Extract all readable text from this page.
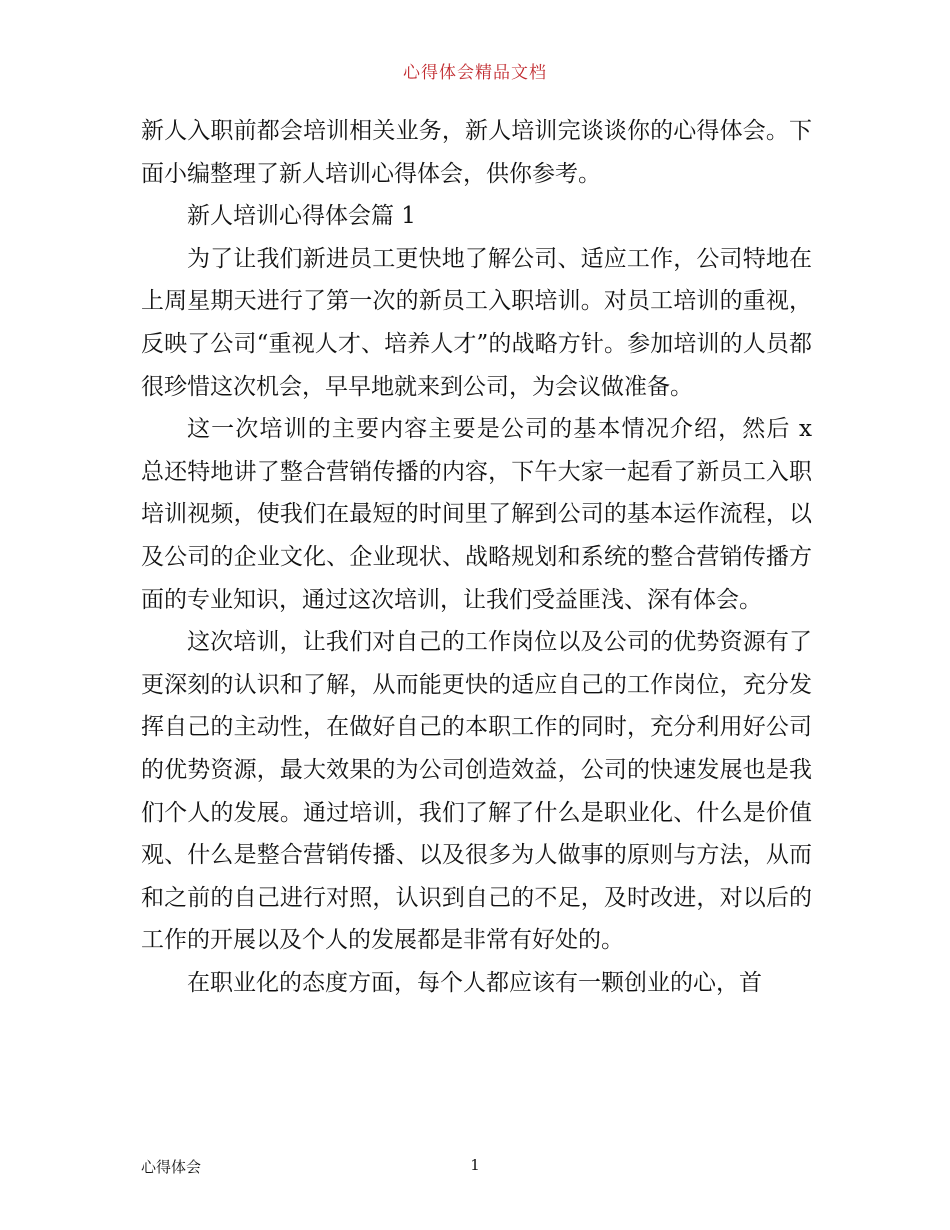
心得体会精品文档

新人入职前都会培训相关业务，新人培训完谈谈你的心得体会。下面小编整理了新人培训心得体会，供你参考。

新人培训心得体会篇 1

为了让我们新进员工更快地了解公司、适应工作，公司特地在上周星期天进行了第一次的新员工入职培训。对员工培训的重视，反映了公司“重视人才、培养人才”的战略方针。参加培训的人员都很珍惜这次机会，早早地就来到公司，为会议做准备。

这一次培训的主要内容主要是公司的基本情况介绍，然后 x 总还特地讲了整合营销传播的内容，下午大家一起看了新员工入职培训视频，使我们在最短的时间里了解到公司的基本运作流程，以及公司的企业文化、企业现状、战略规划和系统的整合营销传播方面的专业知识，通过这次培训，让我们受益匪浅、深有体会。

这次培训，让我们对自己的工作岗位以及公司的优势资源有了更深刻的认识和了解，从而能更快的适应自己的工作岗位，充分发挥自己的主动性，在做好自己的本职工作的同时，充分利用好公司的优势资源，最大效果的为公司创造效益，公司的快速发展也是我们个人的发展。通过培训，我们了解了什么是职业化、什么是价值观、什么是整合营销传播、以及很多为人做事的原则与方法，从而和之前的自己进行对照，认识到自己的不足，及时改进，对以后的工作的开展以及个人的发展都是非常有好处的。

在职业化的态度方面，每个人都应该有一颗创业的心，首

心得体会	1
